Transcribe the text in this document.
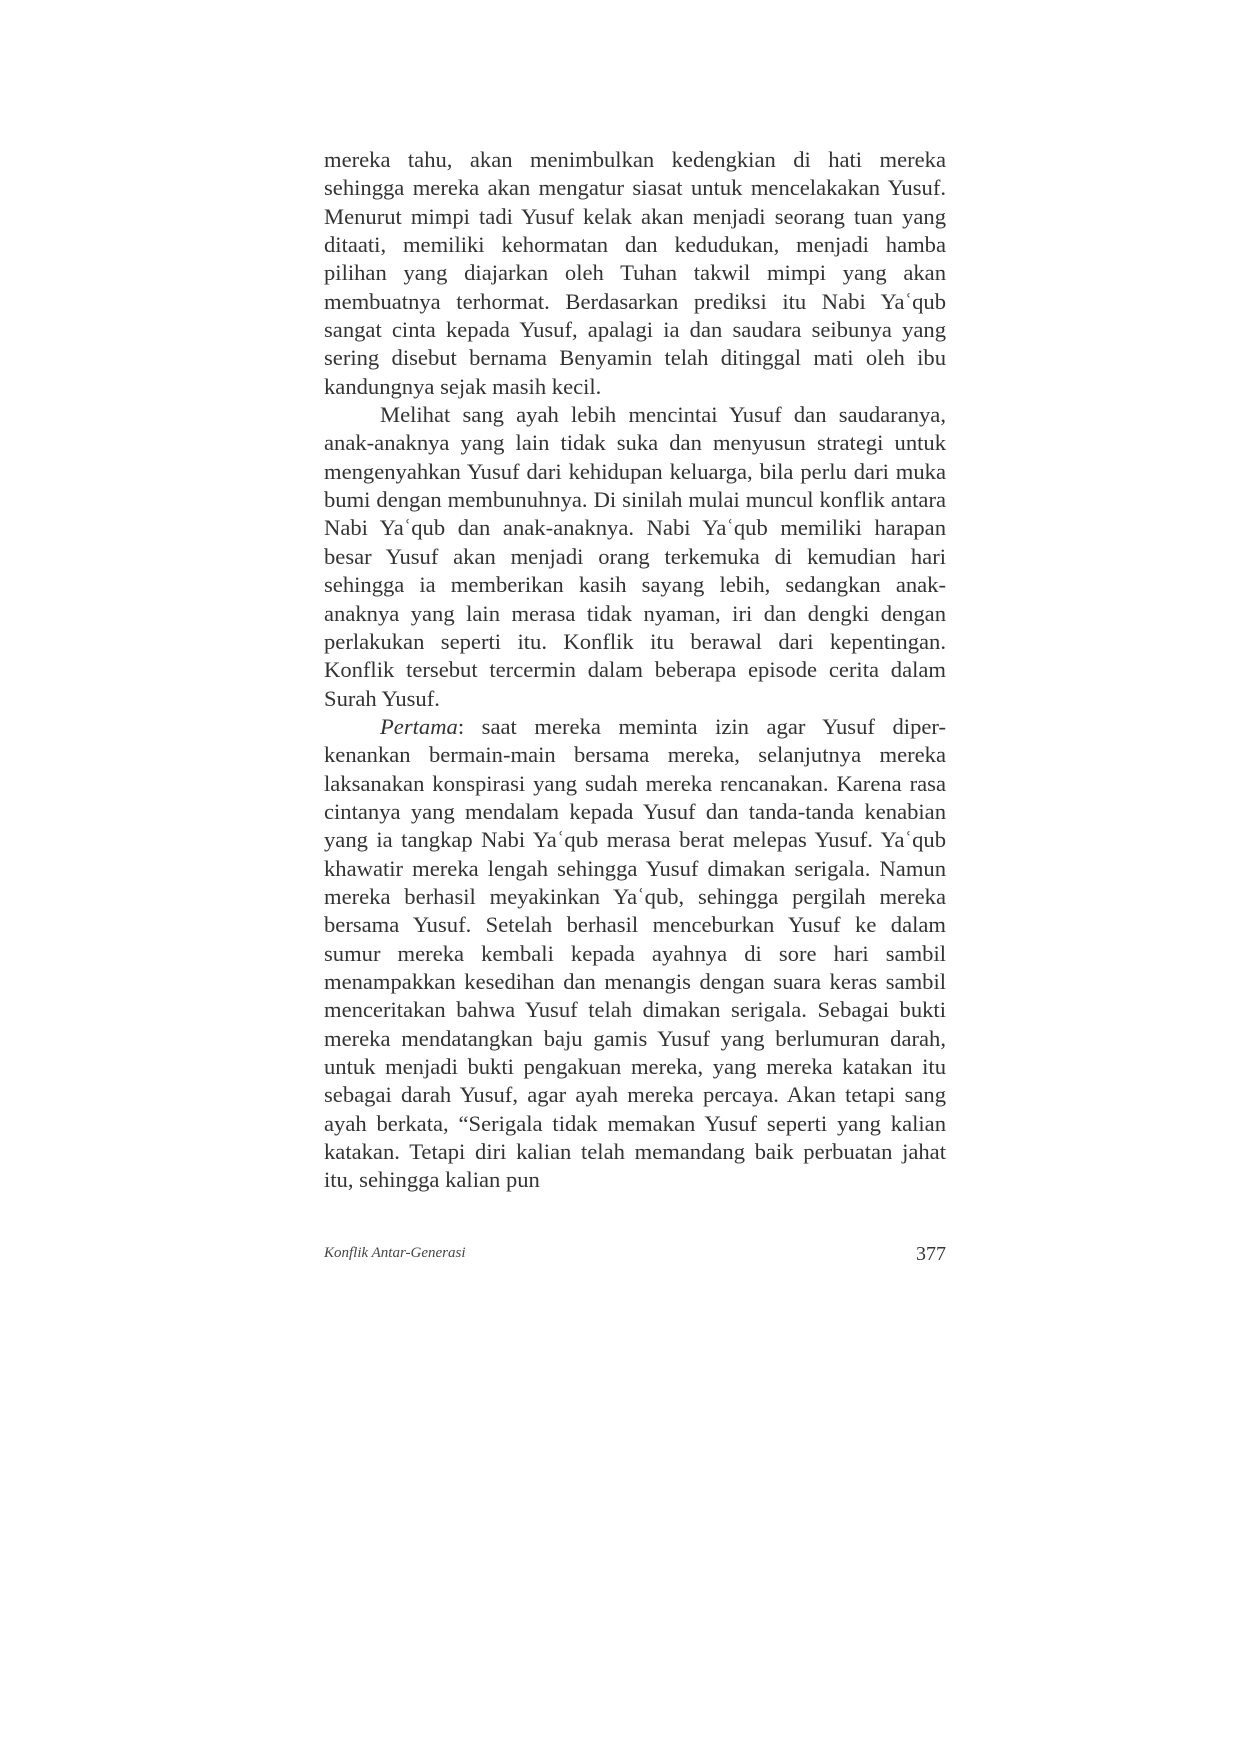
mereka tahu, akan menimbulkan kedengkian di hati mereka sehingga mereka akan mengatur siasat untuk mencelakakan Yusuf. Menurut mimpi tadi Yusuf kelak akan menjadi seorang tuan yang ditaati, memiliki kehormatan dan kedudukan, menjadi hamba pilihan yang diajarkan oleh Tuhan takwil mimpi yang akan membuatnya terhormat. Berdasarkan prediksi itu Nabi Yaʿqub sangat cinta kepada Yusuf, apalagi ia dan saudara seibunya yang sering disebut bernama Benyamin telah ditinggal mati oleh ibu kandungnya sejak masih kecil.

Melihat sang ayah lebih mencintai Yusuf dan saudaranya, anak-anaknya yang lain tidak suka dan menyusun strategi untuk mengenyahkan Yusuf dari kehidupan keluarga, bila perlu dari muka bumi dengan membunuhnya. Di sinilah mulai muncul konflik antara Nabi Yaʿqub dan anak-anaknya. Nabi Yaʿqub memiliki harapan besar Yusuf akan menjadi orang terkemuka di kemudian hari sehingga ia memberikan kasih sayang lebih, sedangkan anak-anaknya yang lain merasa tidak nyaman, iri dan dengki dengan perlakukan seperti itu. Konflik itu berawal dari kepentingan. Konflik tersebut tercermin dalam beberapa episode cerita dalam Surah Yusuf.

Pertama: saat mereka meminta izin agar Yusuf diper-kenankan bermain-main bersama mereka, selanjutnya mereka laksanakan konspirasi yang sudah mereka rencanakan. Karena rasa cintanya yang mendalam kepada Yusuf dan tanda-tanda kenabian yang ia tangkap Nabi Yaʿqub merasa berat melepas Yusuf. Yaʿqub khawatir mereka lengah sehingga Yusuf dimakan serigala. Namun mereka berhasil meyakinkan Yaʿqub, sehingga pergilah mereka bersama Yusuf. Setelah berhasil menceburkan Yusuf ke dalam sumur mereka kembali kepada ayahnya di sore hari sambil menampakkan kesedihan dan menangis dengan suara keras sambil menceritakan bahwa Yusuf telah dimakan serigala. Sebagai bukti mereka mendatangkan baju gamis Yusuf yang berlumuran darah, untuk menjadi bukti pengakuan mereka, yang mereka katakan itu sebagai darah Yusuf, agar ayah mereka percaya. Akan tetapi sang ayah berkata, “Serigala tidak memakan Yusuf seperti yang kalian katakan. Tetapi diri kalian telah memandang baik perbuatan jahat itu, sehingga kalian pun

Konflik Antar-Generasi	377
